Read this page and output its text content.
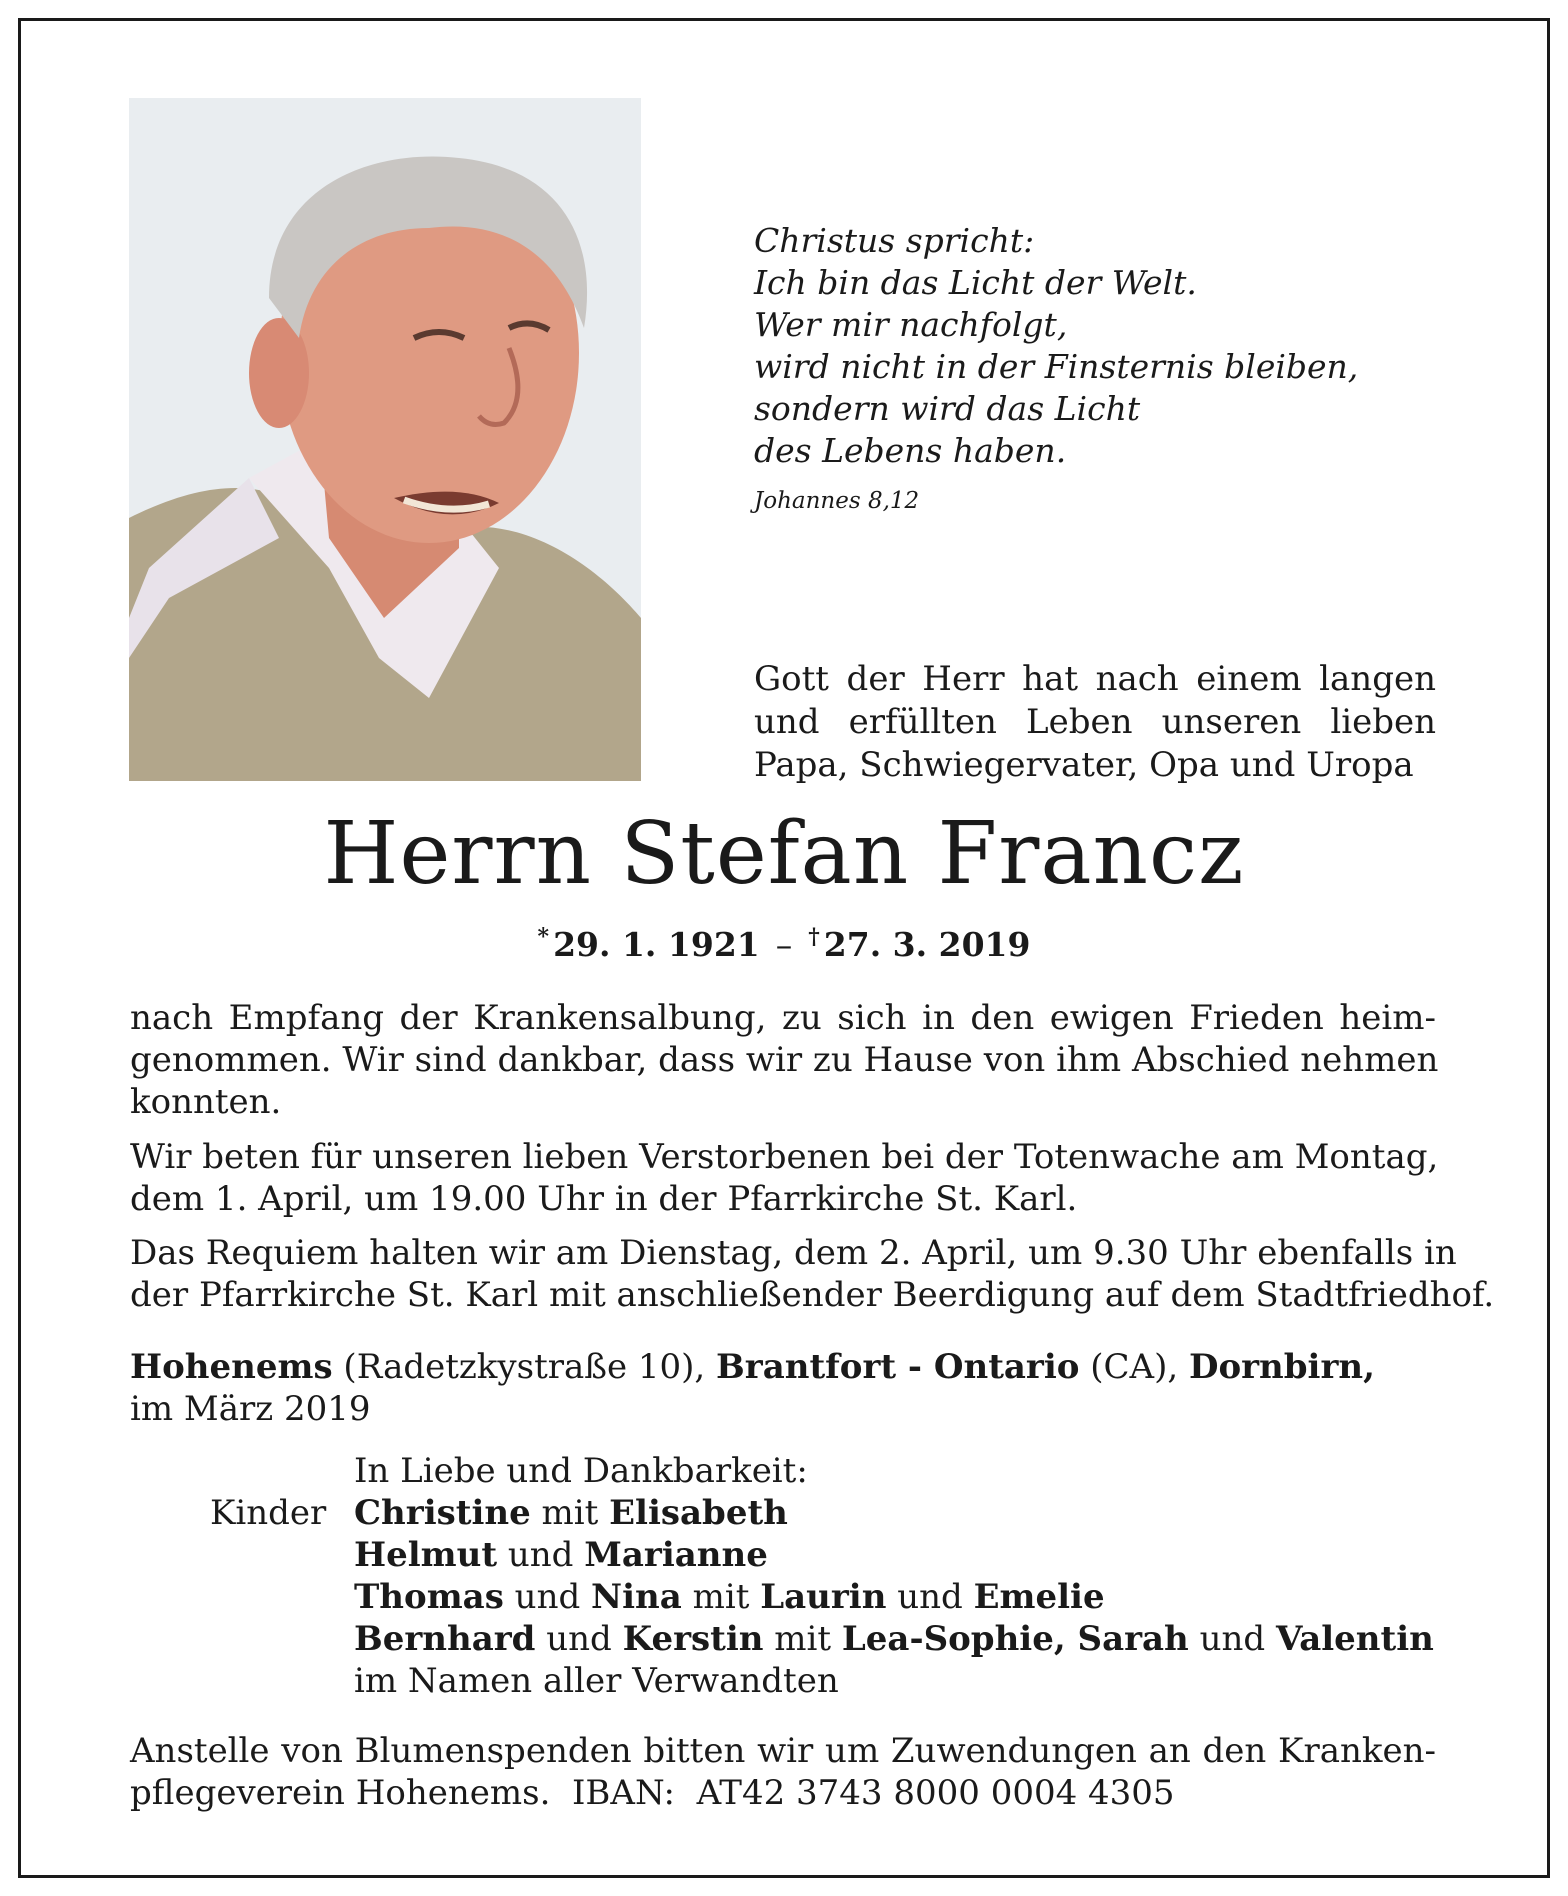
Christus spricht:
Ich bin das Licht der Welt.
Wer mir nachfolgt,
wird nicht in der Finsternis bleiben,
sondern wird das Licht
des Lebens haben.
Johannes 8,12
Gott der Herr hat nach einem langen
und erfüllten Leben unseren lieben
Papa, Schwiegervater, Opa und Uropa
Herrn Stefan Francz
* 29. 1. 1921 – † 27. 3. 2019
nach Empfang der Krankensalbung, zu sich in den ewigen Frieden heim-
genommen. Wir sind dankbar, dass wir zu Hause von ihm Abschied nehmen
konnten.
Wir beten für unseren lieben Verstorbenen bei der Totenwache am Montag,
dem 1. April, um 19.00 Uhr in der Pfarrkirche St. Karl.
Das Requiem halten wir am Dienstag, dem 2. April, um 9.30 Uhr ebenfalls in
der Pfarrkirche St. Karl mit anschließender Beerdigung auf dem Stadtfriedhof.
Hohenems (Radetzkystraße 10), Brantfort - Ontario (CA), Dornbirn,
im März 2019
Kinder
In Liebe und Dankbarkeit:
Christine mit Elisabeth
Helmut und Marianne
Thomas und Nina mit Laurin und Emelie
Bernhard und Kerstin mit Lea-Sophie, Sarah und Valentin
im Namen aller Verwandten
Anstelle von Blumenspenden bitten wir um Zuwendungen an den Kranken-
pflegeverein Hohenems.  IBAN:  AT42 3743 8000 0004 4305
